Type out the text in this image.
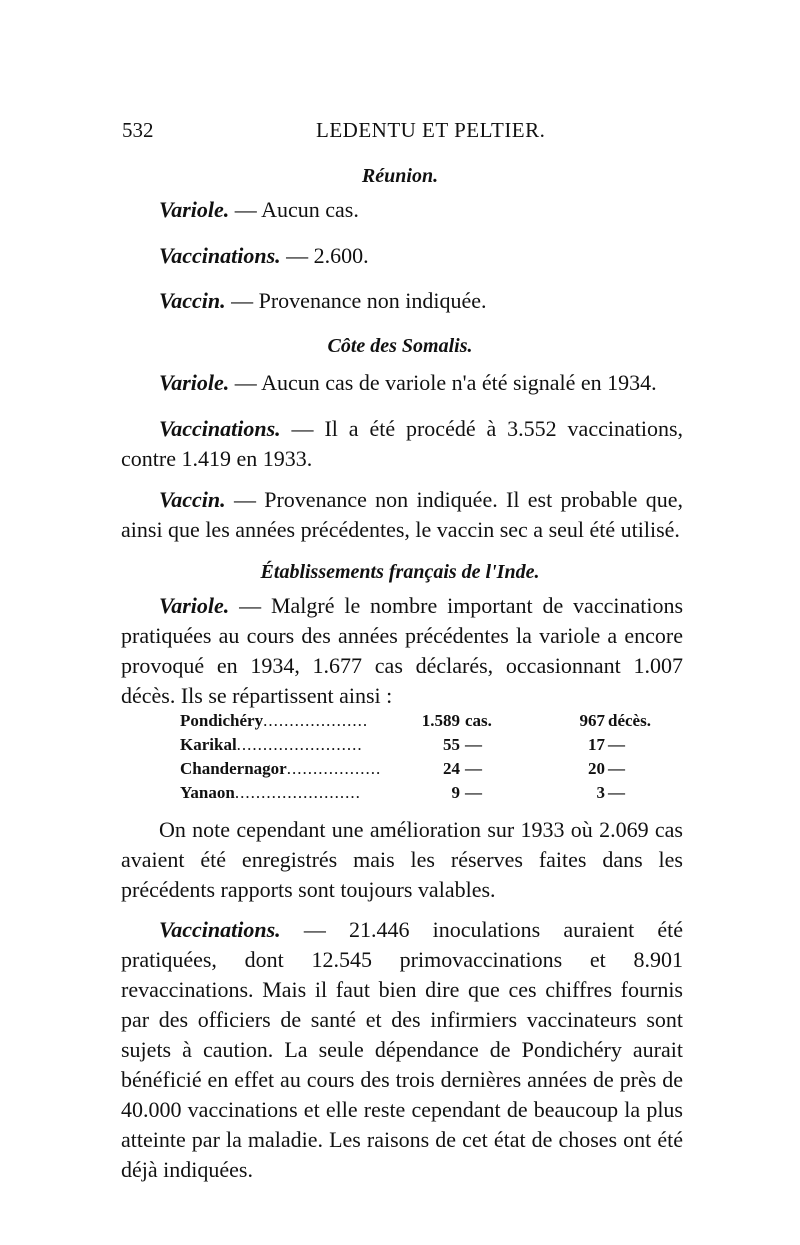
532	LEDENTU ET PELTIER.
Réunion.
Variole. — Aucun cas.
Vaccinations. — 2.600.
Vaccin. — Provenance non indiquée.
Côte des Somalis.
Variole. — Aucun cas de variole n'a été signalé en 1934.
Vaccinations. — Il a été procédé à 3.552 vaccinations, contre 1.419 en 1933.
Vaccin. — Provenance non indiquée. Il est probable que, ainsi que les années précédentes, le vaccin sec a seul été utilisé.
Établissements français de l'Inde.
Variole. — Malgré le nombre important de vaccinations pratiquées au cours des années précédentes la variole a encore provoqué en 1934, 1.677 cas déclarés, occasionnant 1.007 décès. Ils se répartissent ainsi :
Pondichéry....................	1.589 cas.	967 décès.
Karikal........................	55 —	17 —
Chandernagor..................	24 —	20 —
Yanaon........................	9 —	3 —
On note cependant une amélioration sur 1933 où 2.069 cas avaient été enregistrés mais les réserves faites dans les précédents rapports sont toujours valables.
Vaccinations. — 21.446 inoculations auraient été pratiquées, dont 12.545 primovaccinations et 8.901 revaccinations. Mais il faut bien dire que ces chiffres fournis par des officiers de santé et des infirmiers vaccinateurs sont sujets à caution. La seule dépendance de Pondichéry aurait bénéficié en effet au cours des trois dernières années de près de 40.000 vaccinations et elle reste cependant de beaucoup la plus atteinte par la maladie. Les raisons de cet état de choses ont été déjà indiquées.
